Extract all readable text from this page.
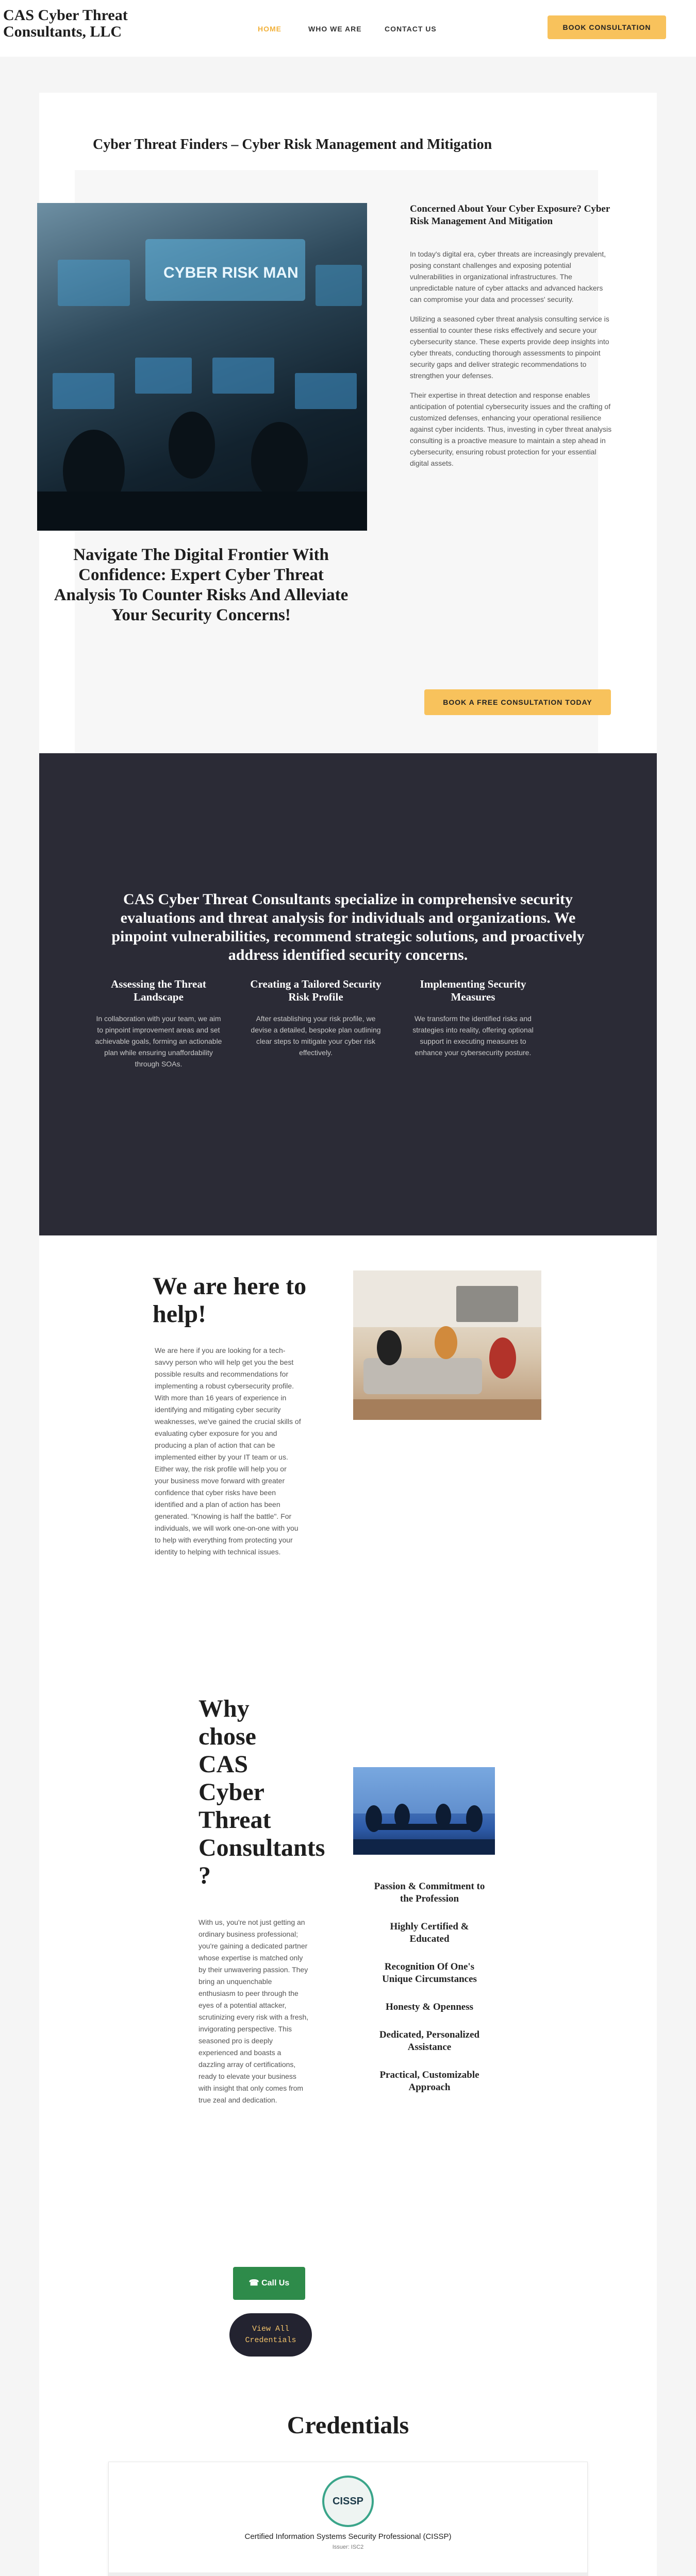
CAS Cyber Threat Consultants, LLC	HOME	WHO WE ARE	CONTACT US	BOOK CONSULTATION
Cyber Threat Finders – Cyber Risk Management and Mitigation
CYBER RISK MAN
Navigate The Digital Frontier With Confidence: Expert Cyber Threat Analysis To Counter Risks And Alleviate Your Security Concerns!
Concerned About Your Cyber Exposure? Cyber Risk Management And Mitigation

In today's digital era, cyber threats are increasingly prevalent, posing constant challenges and exposing potential vulnerabilities in organizational infrastructures. The unpredictable nature of cyber attacks and advanced hackers can compromise your data and processes' security.

Utilizing a seasoned cyber threat analysis consulting service is essential to counter these risks effectively and secure your cybersecurity stance. These experts provide deep insights into cyber threats, conducting thorough assessments to pinpoint security gaps and deliver strategic recommendations to strengthen your defenses.

Their expertise in threat detection and response enables anticipation of potential cybersecurity issues and the crafting of customized defenses, enhancing your operational resilience against cyber incidents. Thus, investing in cyber threat analysis consulting is a proactive measure to maintain a step ahead in cybersecurity, ensuring robust protection for your essential digital assets.

BOOK A FREE CONSULTATION TODAY
CAS Cyber Threat Consultants specialize in comprehensive security evaluations and threat analysis for individuals and organizations. We pinpoint vulnerabilities, recommend strategic solutions, and proactively address identified security concerns.
Assessing the Threat Landscape

In collaboration with your team, we aim to pinpoint improvement areas and set achievable goals, forming an actionable plan while ensuring unaffordability through SOAs.

Creating a Tailored Security Risk Profile

After establishing your risk profile, we devise a detailed, bespoke plan outlining clear steps to mitigate your cyber risk effectively.

Implementing Security Measures

We transform the identified risks and strategies into reality, offering optional support in executing measures to enhance your cybersecurity posture.

We are here to help!
We are here if you are looking for a tech-savvy person who will help get you the best possible results and recommendations for implementing a robust cybersecurity profile. With more than 16 years of experience in identifying and mitigating cyber security weaknesses, we've gained the crucial skills of evaluating cyber exposure for you and producing a plan of action that can be implemented either by your IT team or us. Either way, the risk profile will help you or your business move forward with greater confidence that cyber risks have been identified and a plan of action has been generated. "Knowing is half the battle". For individuals, we will work one-on-one with you to help with everything from protecting your identity to helping with technical issues.
Why chose CAS Cyber Threat Consultants ?
With us, you're not just getting an ordinary business professional; you're gaining a dedicated partner whose expertise is matched only by their unwavering passion. They bring an unquenchable enthusiasm to peer through the eyes of a potential attacker, scrutinizing every risk with a fresh, invigorating perspective. This seasoned pro is deeply experienced and boasts a dazzling array of certifications, ready to elevate your business with insight that only comes from true zeal and dedication.
Passion & Commitment to the Profession
Highly Certified & Educated
Recognition Of One's Unique Circumstances
Honesty & Openness
Dedicated, Personalized Assistance
Practical, Customizable Approach
☎ Call Us
View All Credentials
Credentials
CISSP
Certified Information Systems Security Professional (CISSP)
Issuer: ISC2
